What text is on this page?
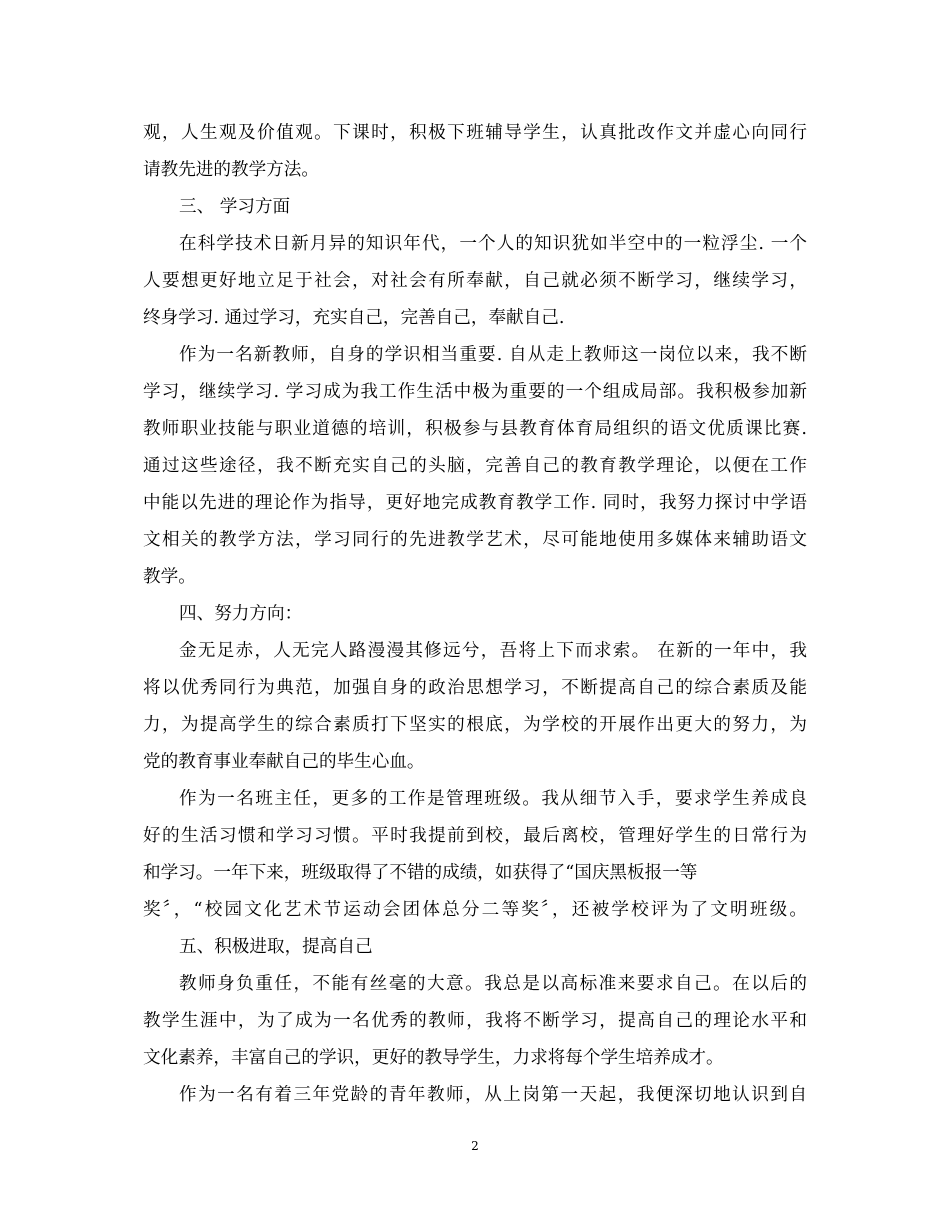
观，人生观及价值观。下课时，积极下班辅导学生，认真批改作文并虚心向同行
请教先进的教学方法。
三、 学习方面
在科学技术日新月异的知识年代，一个人的知识犹如半空中的一粒浮尘. 一个
人要想更好地立足于社会，对社会有所奉献，自己就必须不断学习，继续学习，
终身学习. 通过学习，充实自己，完善自己，奉献自己.
作为一名新教师，自身的学识相当重要. 自从走上教师这一岗位以来，我不断
学习，继续学习. 学习成为我工作生活中极为重要的一个组成局部。我积极参加新
教师职业技能与职业道德的培训，积极参与县教育体育局组织的语文优质课比赛.
通过这些途径，我不断充实自己的头脑，完善自己的教育教学理论，以便在工作
中能以先进的理论作为指导，更好地完成教育教学工作. 同时，我努力探讨中学语
文相关的教学方法，学习同行的先进教学艺术，尽可能地使用多媒体来辅助语文
教学。
四、努力方向：
金无足赤，人无完人路漫漫其修远兮，吾将上下而求索。 在新的一年中，我
将以优秀同行为典范，加强自身的政治思想学习，不断提高自己的综合素质及能
力，为提高学生的综合素质打下坚实的根底，为学校的开展作出更大的努力，为
党的教育事业奉献自己的毕生心血。
作为一名班主任，更多的工作是管理班级。我从细节入手，要求学生养成良
好的生活习惯和学习习惯。平时我提前到校，最后离校，管理好学生的日常行为
和学习。一年下来，班级取得了不错的成绩，如获得了“国庆黑板报一等
奖〞，“校园文化艺术节运动会团体总分二等奖〞，还被学校评为了文明班级。
五、积极进取，提高自己
教师身负重任，不能有丝毫的大意。我总是以高标准来要求自己。在以后的
教学生涯中，为了成为一名优秀的教师，我将不断学习，提高自己的理论水平和
文化素养，丰富自己的学识，更好的教导学生，力求将每个学生培养成才。
作为一名有着三年党龄的青年教师，从上岗第一天起，我便深切地认识到自
2
